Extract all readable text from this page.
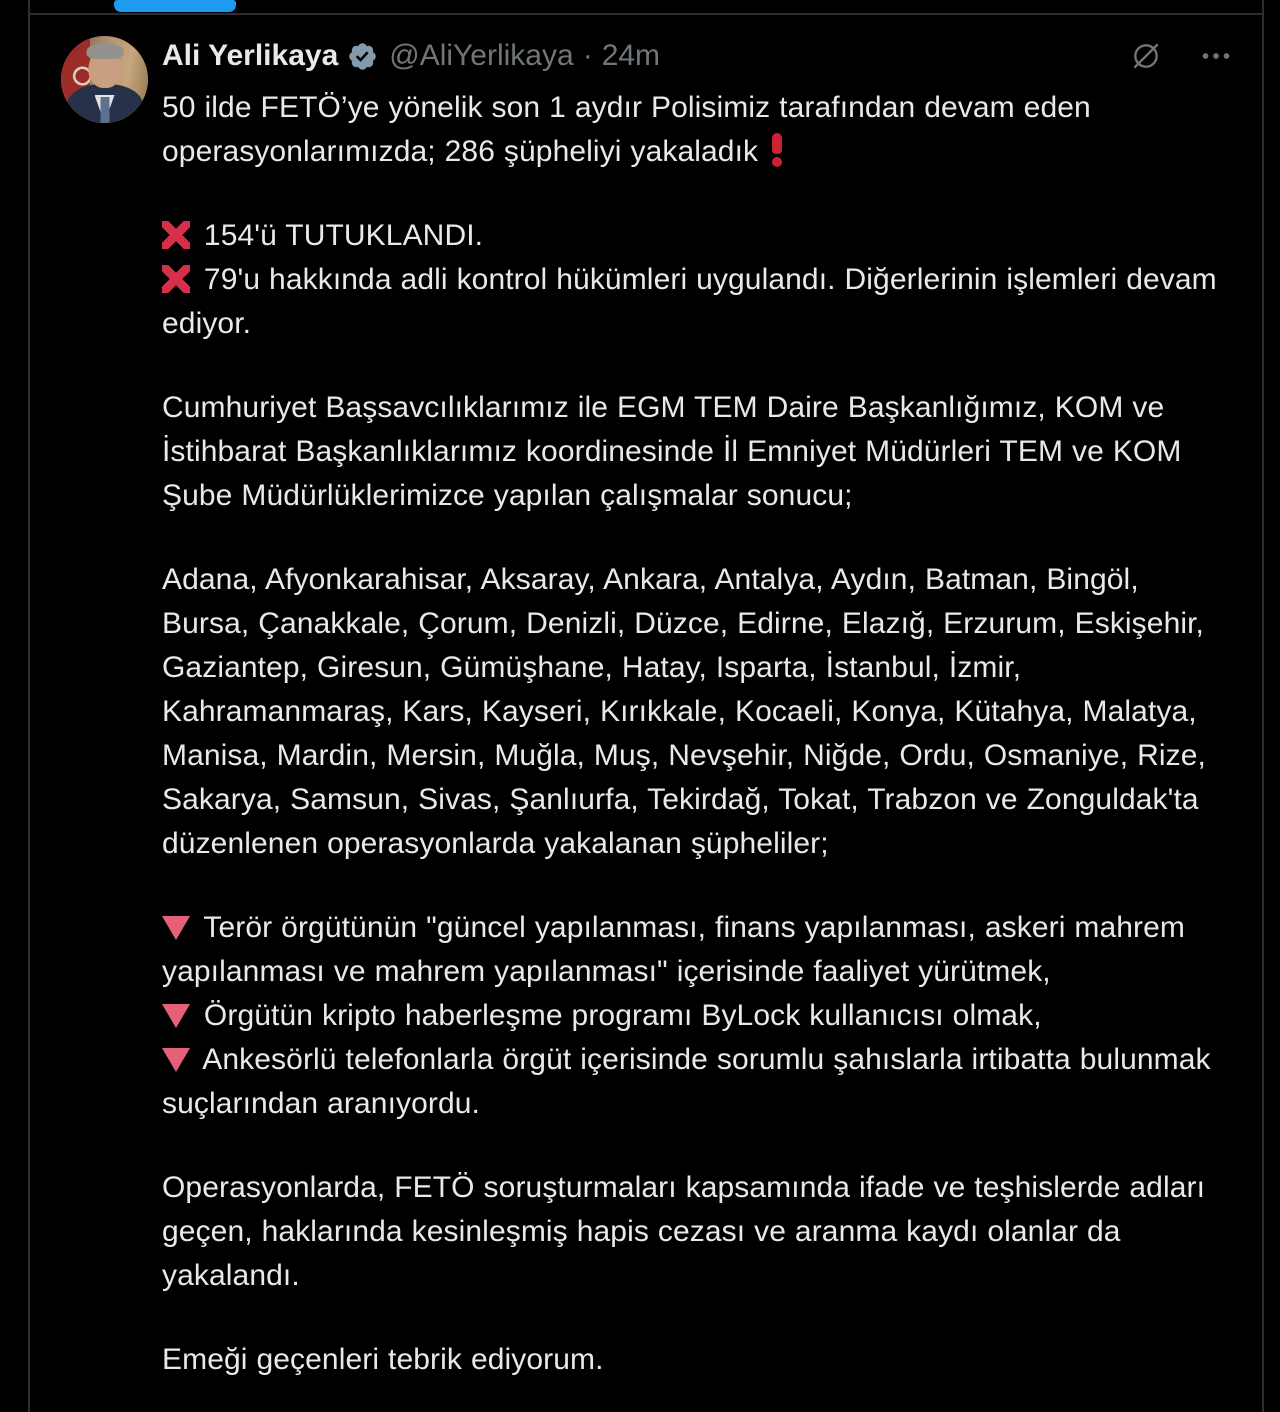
Ali Yerlikaya @AliYerlikaya · 24m

50 ilde FETÖ’ye yönelik son 1 aydır Polisimiz tarafından devam eden operasyonlarımızda; 286 şüpheliyi yakaladık

154'ü TUTUKLANDI.
79'u hakkında adli kontrol hükümleri uygulandı. Diğerlerinin işlemleri devam ediyor.

Cumhuriyet Başsavcılıklarımız ile EGM TEM Daire Başkanlığımız, KOM ve İstihbarat Başkanlıklarımız koordinesinde İl Emniyet Müdürleri TEM ve KOM Şube Müdürlüklerimizce yapılan çalışmalar sonucu;

Adana, Afyonkarahisar, Aksaray, Ankara, Antalya, Aydın, Batman, Bingöl, Bursa, Çanakkale, Çorum, Denizli, Düzce, Edirne, Elazığ, Erzurum, Eskişehir, Gaziantep, Giresun, Gümüşhane, Hatay, Isparta, İstanbul, İzmir, Kahramanmaraş, Kars, Kayseri, Kırıkkale, Kocaeli, Konya, Kütahya, Malatya, Manisa, Mardin, Mersin, Muğla, Muş, Nevşehir, Niğde, Ordu, Osmaniye, Rize, Sakarya, Samsun, Sivas, Şanlıurfa, Tekirdağ, Tokat, Trabzon ve Zonguldak'ta düzenlenen operasyonlarda yakalanan şüpheliler;

Terör örgütünün "güncel yapılanması, finans yapılanması, askeri mahrem yapılanması ve mahrem yapılanması" içerisinde faaliyet yürütmek,
Örgütün kripto haberleşme programı ByLock kullanıcısı olmak,
Ankesörlü telefonlarla örgüt içerisinde sorumlu şahıslarla irtibatta bulunmak suçlarından aranıyordu.

Operasyonlarda, FETÖ soruşturmaları kapsamında ifade ve teşhislerde adları geçen, haklarında kesinleşmiş hapis cezası ve aranma kaydı olanlar da yakalandı.

Emeği geçenleri tebrik ediyorum.
